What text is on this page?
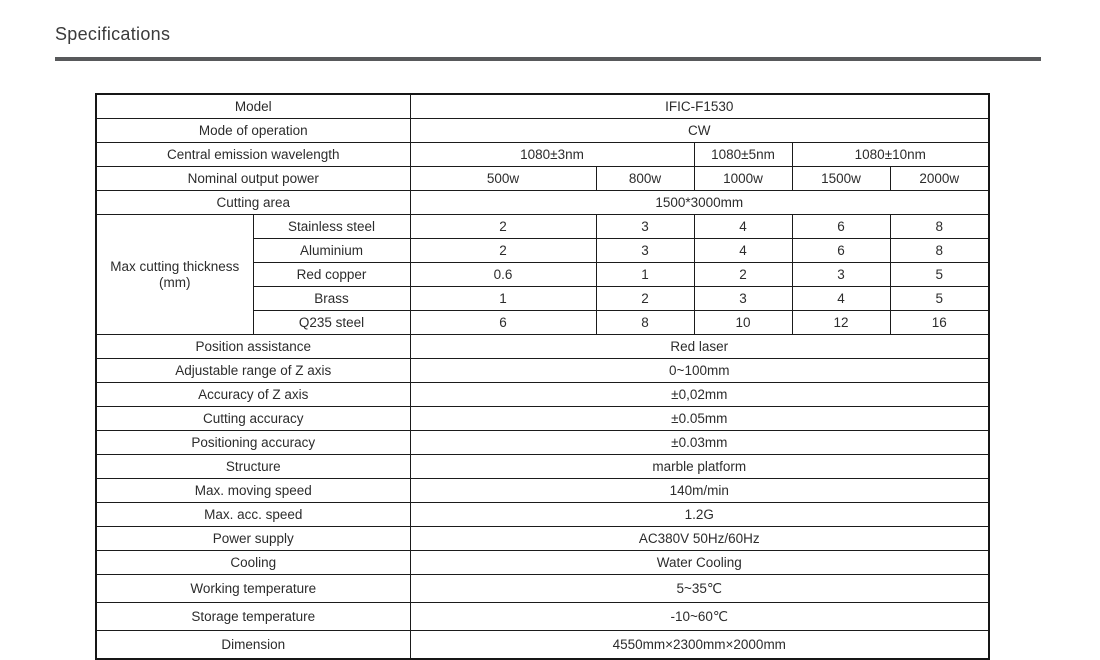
Specifications
Model		IFIC-F1530				
Mode of operation		CW				
Central emission wavelength		1080±3nm		1080±5nm	1080±10nm	
Nominal output power		500w	800w	1000w	1500w	2000w
Cutting area		1500*3000mm				
Max cutting thickness (mm)	Stainless steel	2	3	4	6	8
	Aluminium	2	3	4	6	8
	Red copper	0.6	1	2	3	5
	Brass	1	2	3	4	5
	Q235 steel	6	8	10	12	16
Position assistance		Red laser				
Adjustable range of Z axis		0~100mm				
Accuracy of Z axis		±0,02mm				
Cutting accuracy		±0.05mm				
Positioning accuracy		±0.03mm				
Structure		marble platform				
Max. moving speed		140m/min				
Max. acc. speed		1.2G				
Power supply		AC380V 50Hz/60Hz				
Cooling		Water Cooling				
Working temperature		5~35℃				
Storage temperature		-10~60℃				
Dimension		4550mm×2300mm×2000mm				
